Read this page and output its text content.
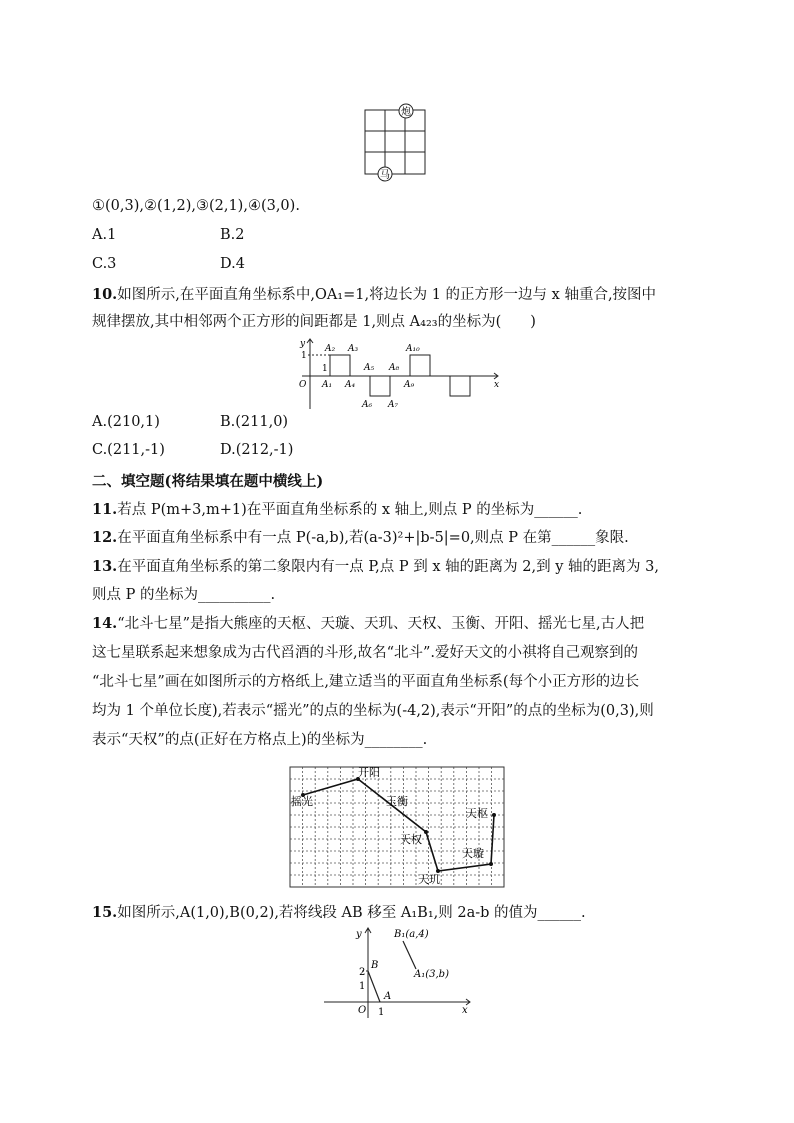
炮
马
①(0,3),②(1,2),③(2,1),④(3,0).
A.1	B.2
C.3	D.4
10.如图所示,在平面直角坐标系中,OA₁=1,将边长为 1 的正方形一边与 x 轴重合,按图中
规律摆放,其中相邻两个正方形的间距都是 1,则点 A₄₂₃的坐标为(　　)
y
x
O A₁
A₂ A₃
A₄
A₅
A₆ A₇
A₈
A₉
A₁₀
1
1
A.(210,1)	B.(211,0)
C.(211,-1)	D.(212,-1)
二、填空题(将结果填在题中横线上)
11.若点 P(m+3,m+1)在平面直角坐标系的 x 轴上,则点 P 的坐标为______.
12.在平面直角坐标系中有一点 P(-a,b),若(a-3)²+|b-5|=0,则点 P 在第______象限.
13.在平面直角坐标系的第二象限内有一点 P,点 P 到 x 轴的距离为 2,到 y 轴的距离为 3,
则点 P 的坐标为__________.
14.“北斗七星”是指大熊座的天枢、天璇、天玑、天权、玉衡、开阳、摇光七星,古人把
这七星联系起来想象成为古代舀酒的斗形,故名“北斗”.爱好天文的小祺将自己观察到的
“北斗七星”画在如图所示的方格纸上,建立适当的平面直角坐标系(每个小正方形的边长
均为 1 个单位长度),若表示“摇光”的点的坐标为(-4,2),表示“开阳”的点的坐标为(0,3),则
表示“天权”的点(正好在方格点上)的坐标为________.
摇光
开阳
玉衡
天权
天玑
天璇
天枢
15.如图所示,A(1,0),B(0,2),若将线段 AB 移至 A₁B₁,则 2a-b 的值为______.
y
x
O
B
A
B₁(a,4)
A₁(3,b)
2
1
1
